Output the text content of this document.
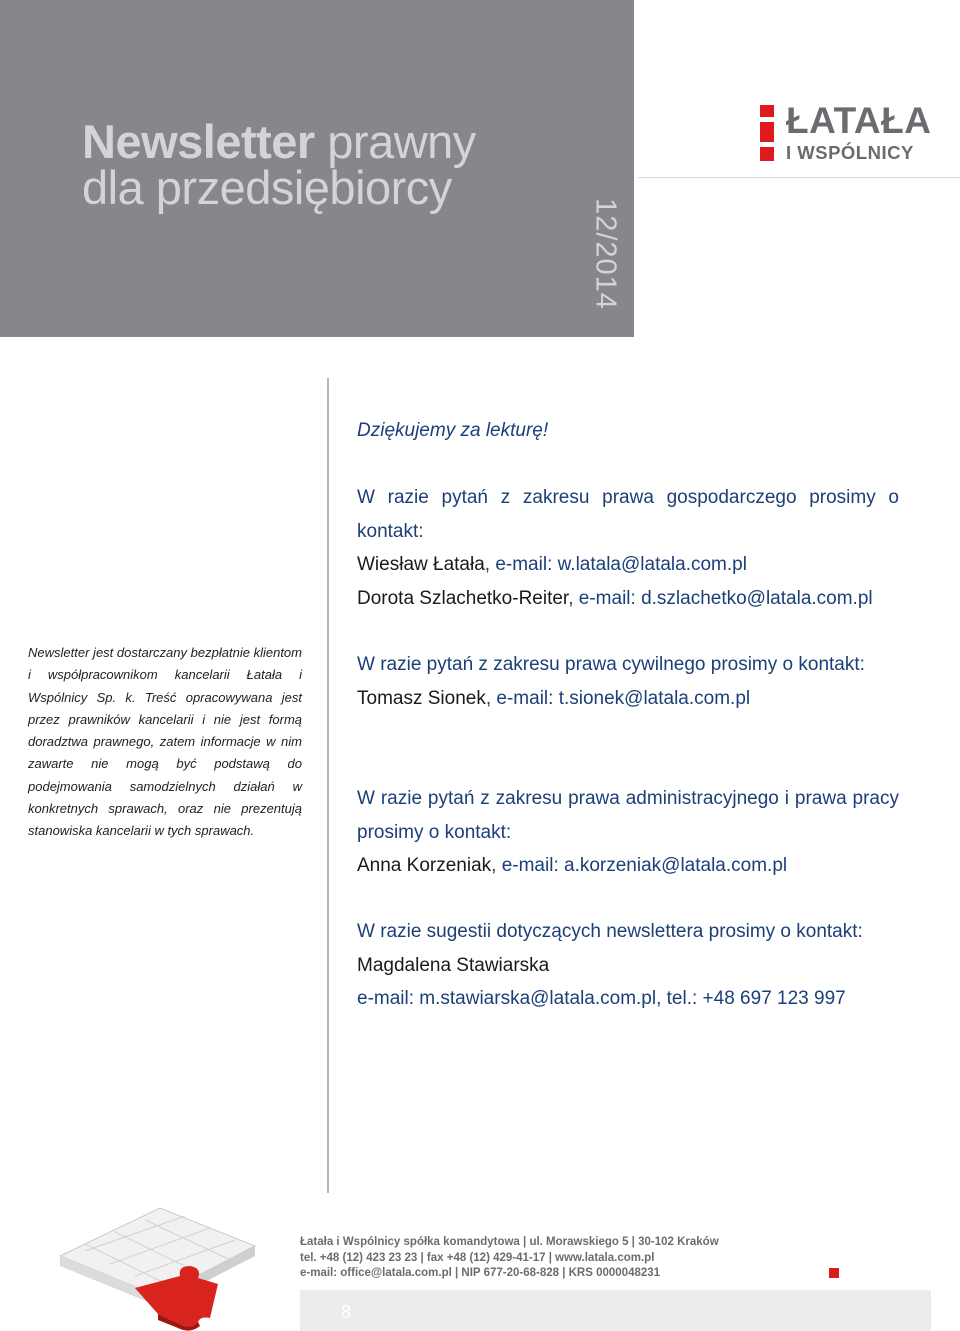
Newsletter prawny
dla przedsiębiorcy
12/2014
ŁATAŁA
I WSPÓLNICY

Newsletter jest dostarczany bezpłatnie klientom i współpracownikom kancelarii Łatała i Wspólnicy Sp. k. Treść opracowywana jest przez prawników kancelarii i nie jest formą doradztwa prawnego, zatem informacje w nim zawarte nie mogą być podstawą do podejmowania samodzielnych działań w konkretnych sprawach, oraz nie prezentują stanowiska kancelarii w tych sprawach.

Dziękujemy za lekturę!

W razie pytań z zakresu prawa gospodarczego prosimy o kontakt:

Wiesław Łatała, e-mail: w.latala@latala.com.pl

Dorota Szlachetko-Reiter, e-mail: d.szlachetko@latala.com.pl

W razie pytań z zakresu prawa cywilnego prosimy o kontakt:

Tomasz Sionek, e-mail: t.sionek@latala.com.pl

W razie pytań z zakresu prawa administracyjnego i prawa pracy prosimy o kontakt:

Anna Korzeniak, e-mail: a.korzeniak@latala.com.pl

W razie sugestii dotyczących newslettera prosimy o kontakt:

Magdalena Stawiarska

e-mail: m.stawiarska@latala.com.pl, tel.: +48 697 123 997

Łatała i Wspólnicy spółka komandytowa | ul. Morawskiego 5 | 30-102 Kraków
tel. +48 (12) 423 23 23 | fax +48 (12) 429-41-17 | www.latala.com.pl
e-mail: office@latala.com.pl | NIP 677-20-68-828 | KRS 0000048231
8
